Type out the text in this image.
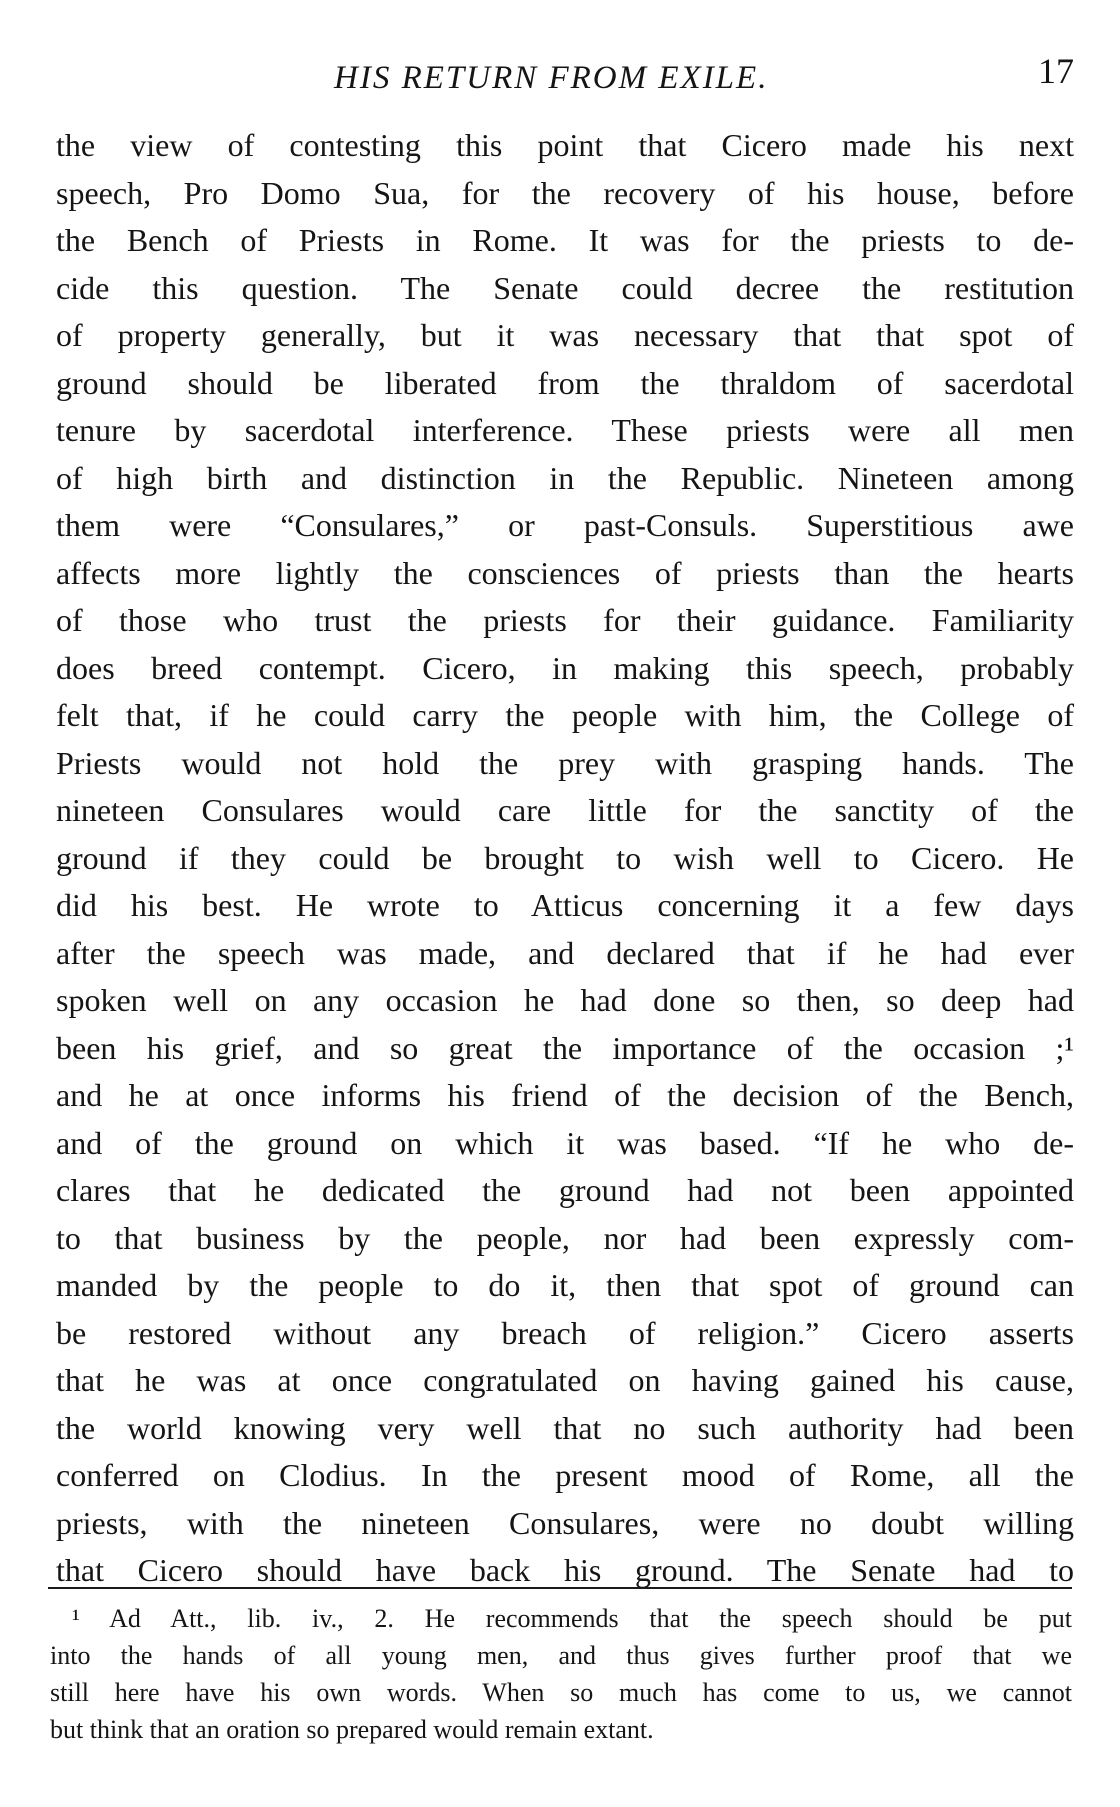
HIS RETURN FROM EXILE.	17
the view of contesting this point that Cicero made his next
speech, Pro Domo Sua, for the recovery of his house, before
the Bench of Priests in Rome. It was for the priests to de-
cide this question. The Senate could decree the restitution
of property generally, but it was necessary that that spot of
ground should be liberated from the thraldom of sacerdotal
tenure by sacerdotal interference. These priests were all men
of high birth and distinction in the Republic. Nineteen among
them were “Consulares,” or past-Consuls. Superstitious awe
affects more lightly the consciences of priests than the hearts
of those who trust the priests for their guidance. Familiarity
does breed contempt. Cicero, in making this speech, probably
felt that, if he could carry the people with him, the College of
Priests would not hold the prey with grasping hands. The
nineteen Consulares would care little for the sanctity of the
ground if they could be brought to wish well to Cicero. He
did his best. He wrote to Atticus concerning it a few days
after the speech was made, and declared that if he had ever
spoken well on any occasion he had done so then, so deep had
been his grief, and so great the importance of the occasion ;¹
and he at once informs his friend of the decision of the Bench,
and of the ground on which it was based. “If he who de-
clares that he dedicated the ground had not been appointed
to that business by the people, nor had been expressly com-
manded by the people to do it, then that spot of ground can
be restored without any breach of religion.” Cicero asserts
that he was at once congratulated on having gained his cause,
the world knowing very well that no such authority had been
conferred on Clodius. In the present mood of Rome, all the
priests, with the nineteen Consulares, were no doubt willing
that Cicero should have back his ground. The Senate had to
¹ Ad Att., lib. iv., 2. He recommends that the speech should be put
into the hands of all young men, and thus gives further proof that we
still here have his own words. When so much has come to us, we cannot
but think that an oration so prepared would remain extant.
